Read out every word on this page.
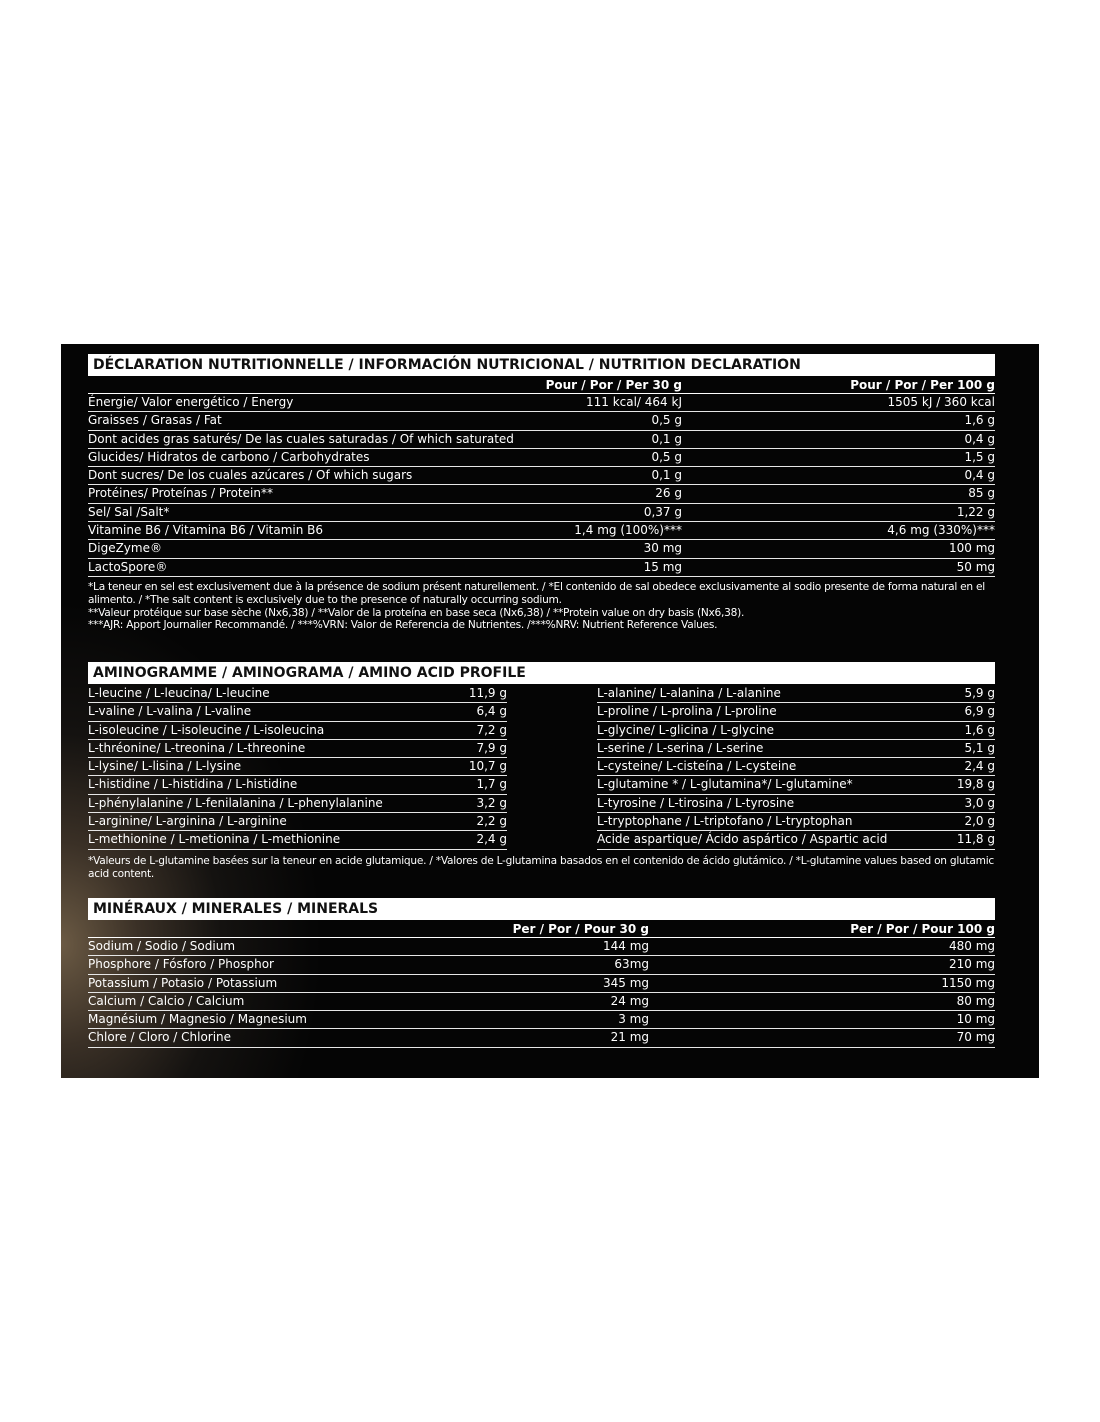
DÉCLARATION NUTRITIONNELLE / INFORMACIÓN NUTRICIONAL / NUTRITION DECLARATION
Pour / Por / Per 30 g	Pour / Por / Per 100 g
Énergie/ Valor energético / Energy	111 kcal/ 464 kJ	1505 kJ / 360 kcal
Graisses / Grasas / Fat	0,5 g	1,6 g
Dont acides gras saturés/ De las cuales saturadas / Of which saturated	0,1 g	0,4 g
Glucides/ Hidratos de carbono / Carbohydrates	0,5 g	1,5 g
Dont sucres/ De los cuales azúcares / Of which sugars	0,1 g	0,4 g
Protéines/ Proteínas / Protein**	26 g	85 g
Sel/ Sal /Salt*	0,37 g	1,22 g
Vitamine B6 / Vitamina B6 / Vitamin B6	1,4 mg (100%)***	4,6 mg (330%)***
DigeZyme®	30 mg	100 mg
LactoSpore®	15 mg	50 mg

*La teneur en sel est exclusivement due à la présence de sodium présent naturellement. / *El contenido de sal obedece exclusivamente al sodio presente de forma natural en el alimento. / *The salt content is exclusively due to the presence of naturally occurring sodium.

**Valeur protéique sur base sèche (Nx6,38) / **Valor de la proteína en base seca (Nx6,38) / **Protein value on dry basis (Nx6,38).

***AJR: Apport Journalier Recommandé. / ***%VRN: Valor de Referencia de Nutrientes. /***%NRV: Nutrient Reference Values.

AMINOGRAMME / AMINOGRAMA / AMINO ACID PROFILE
L-leucine / L-leucina/ L-leucine	11,9 g
L-valine / L-valina / L-valine	6,4 g
L-isoleucine / L-isoleucine / L-isoleucina	7,2 g
L-thréonine/ L-treonina / L-threonine	7,9 g
L-lysine/ L-lisina / L-lysine	10,7 g
L-histidine / L-histidina / L-histidine	1,7 g
L-phénylalanine / L-fenilalanina / L-phenylalanine	3,2 g
L-arginine/ L-arginina / L-arginine	2,2 g
L-methionine / L-metionina / L-methionine	2,4 g
L-alanine/ L-alanina / L-alanine	5,9 g
L-proline / L-prolina / L-proline	6,9 g
L-glycine/ L-glicina / L-glycine	1,6 g
L-serine / L-serina / L-serine	5,1 g
L-cysteine/ L-cisteína / L-cysteine	2,4 g
L-glutamine * / L-glutamina*/ L-glutamine*	19,8 g
L-tyrosine / L-tirosina / L-tyrosine	3,0 g
L-tryptophane / L-triptofano / L-tryptophan	2,0 g
Acide aspartique/ Ácido aspártico / Aspartic acid	11,8 g
*Valeurs de L-glutamine basées sur la teneur en acide glutamique. / *Valores de L-glutamina basados en el contenido de ácido glutámico. / *L-glutamine values based on glutamic acid content.
MINÉRAUX / MINERALES / MINERALS
Per / Por / Pour 30 g	Per / Por / Pour 100 g
Sodium / Sodio / Sodium	144 mg	480 mg
Phosphore / Fósforo / Phosphor	63mg	210 mg
Potassium / Potasio / Potassium	345 mg	1150 mg
Calcium / Calcio / Calcium	24 mg	80 mg
Magnésium / Magnesio / Magnesium	3 mg	10 mg
Chlore / Cloro / Chlorine	21 mg	70 mg
